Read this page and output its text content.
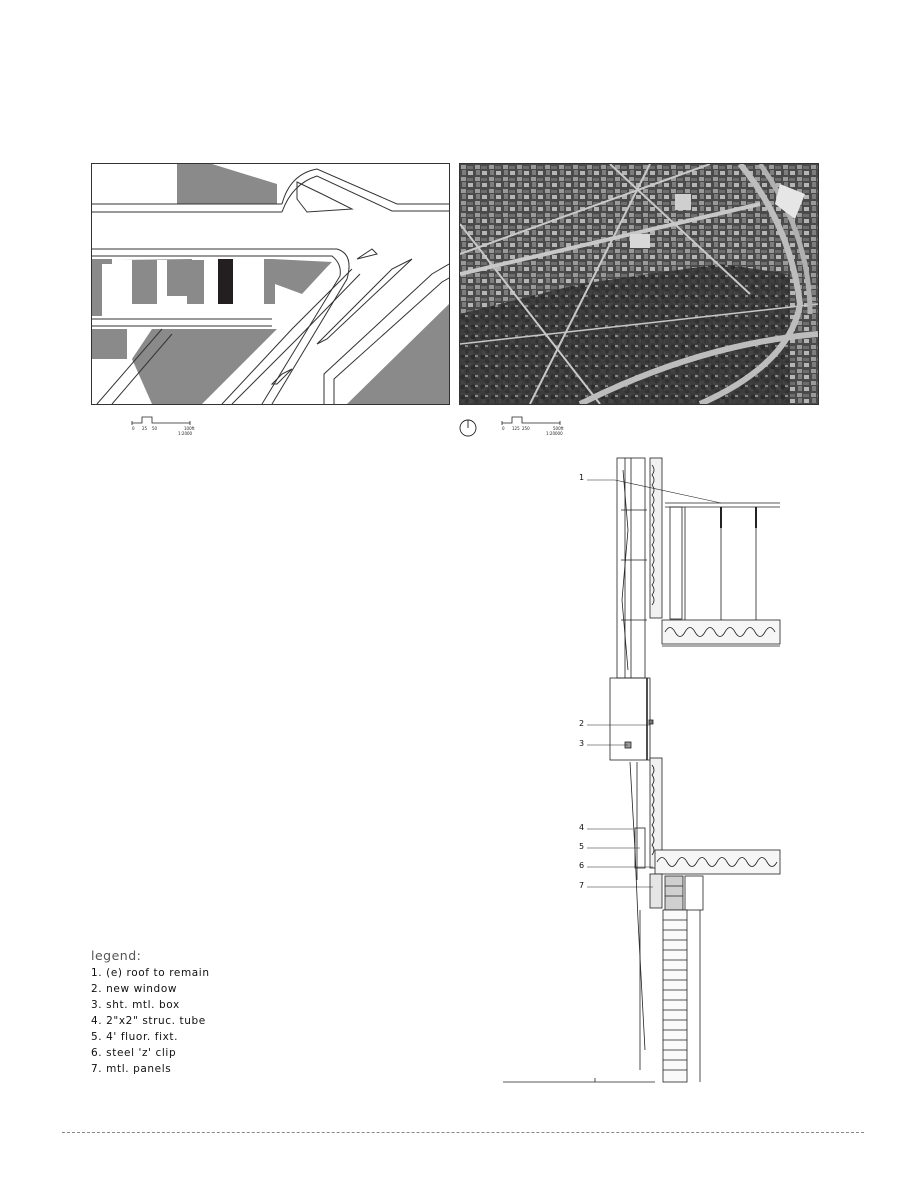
0 25 50	100ft
1:2000
0 125 250	500ft
1:20000
1
2
3
4
5
6
7
legend:
1. (e) roof to remain
2. new window
3. sht. mtl. box
4. 2"x2" struc. tube
5. 4' fluor. fixt.
6. steel 'z' clip
7. mtl. panels
